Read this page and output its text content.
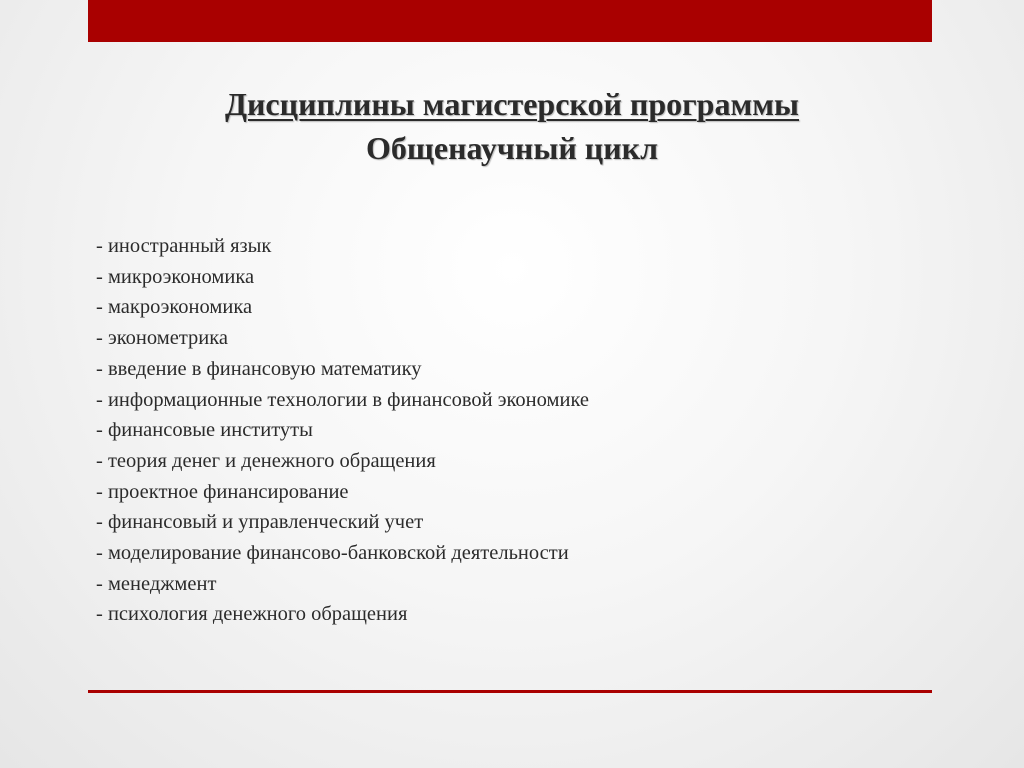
Дисциплины магистерской программы
Общенаучный цикл
- иностранный язык
- микроэкономика
- макроэкономика
- эконометрика
- введение в финансовую математику
- информационные технологии в финансовой экономике
- финансовые институты
- теория денег и денежного обращения
- проектное финансирование
- финансовый и управленческий учет
- моделирование финансово-банковской деятельности
- менеджмент
- психология денежного обращения
